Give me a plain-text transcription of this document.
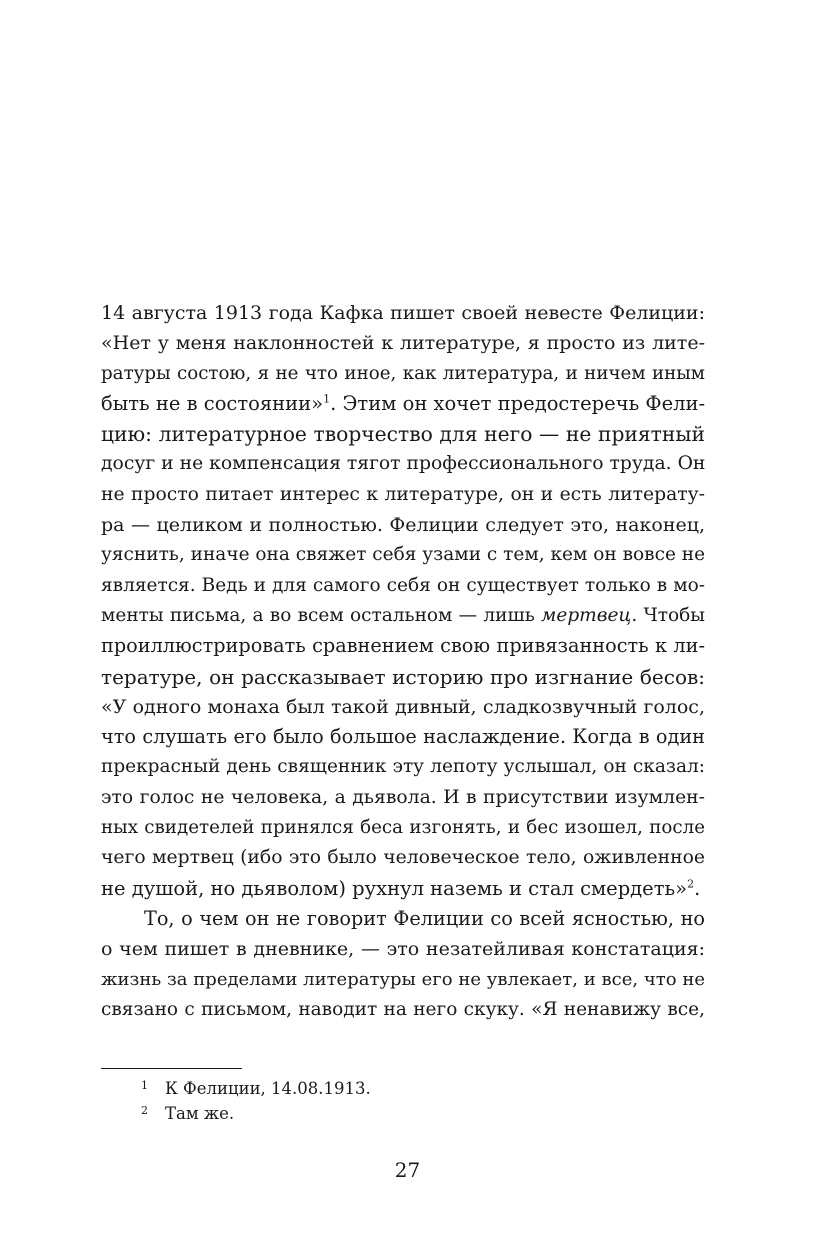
14 августа 1913 года Кафка пишет своей невесте Фелиции:
«Нет у меня наклонностей к литературе, я просто из лите-
ратуры состою, я не что иное, как литература, и ничем иным
быть не в состоянии»$^1$. Этим он хочет предостеречь Фели-
цию: литературное творчество для него — не приятный
досуг и не компенсация тягот профессионального труда. Он
не просто питает интерес к литературе, он и есть литерату-
ра — целиком и полностью. Фелиции следует это, наконец,
уяснить, иначе она свяжет себя узами с тем, кем он вовсе не
является. Ведь и для самого себя он существует только в мо-
менты письма, а во всем остальном — лишь мертвец. Чтобы
проиллюстрировать сравнением свою привязанность к ли-
тературе, он рассказывает историю про изгнание бесов:
«У одного монаха был такой дивный, сладкозвучный голос,
что слушать его было большое наслаждение. Когда в один
прекрасный день священник эту лепоту услышал, он сказал:
это голос не человека, а дьявола. И в присутствии изумлен-
ных свидетелей принялся беса изгонять, и бес изошел, после
чего мертвец (ибо это было человеческое тело, оживленное
не душой, но дьяволом) рухнул наземь и стал смердеть»$^2$.
То, о чем он не говорит Фелиции со всей ясностью, но
о чем пишет в дневнике, — это незатейливая констатация:
жизнь за пределами литературы его не увлекает, и все, что не
связано с письмом, наводит на него скуку. «Я ненавижу все,
1 К Фелиции, 14.08.1913.
2 Там же.
27
